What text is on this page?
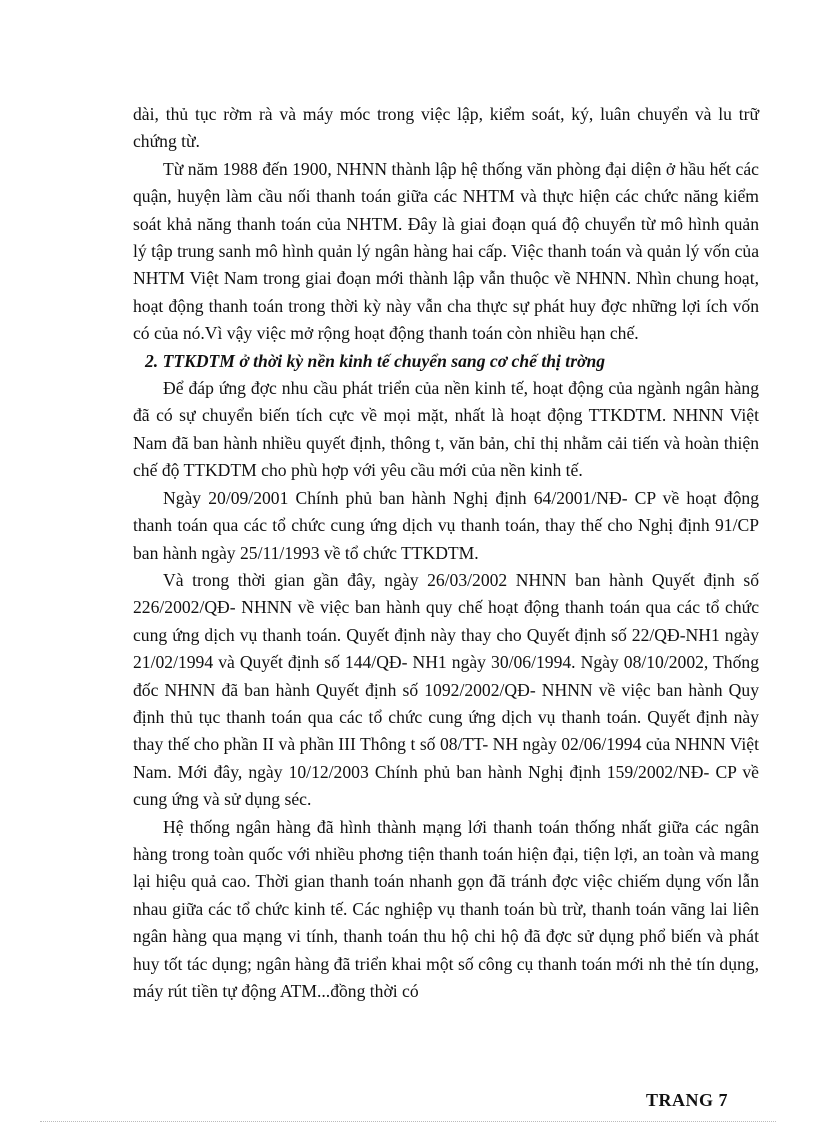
dài, thủ tục rờm rà và máy móc trong việc lập, kiểm soát, ký, luân chuyển và lu trữ chứng từ.

Từ năm 1988 đến 1900, NHNN thành lập hệ thống văn phòng đại diện ở hầu hết các quận, huyện làm cầu nối thanh toán giữa các NHTM và thực hiện các chức năng kiểm soát khả năng thanh toán của NHTM. Đây là giai đoạn quá độ chuyển từ mô hình quản lý tập trung sanh mô hình quản lý ngân hàng hai cấp. Việc thanh toán và quản lý vốn của NHTM Việt Nam trong giai đoạn mới thành lập vẫn thuộc về NHNN. Nhìn chung hoạt, hoạt động thanh toán trong thời kỳ này vẫn cha thực sự phát huy đợc những lợi ích vốn có của nó.Vì vậy việc mở rộng hoạt động thanh toán còn nhiều hạn chế.

2. TTKDTM ở thời kỳ nền kinh tế chuyển sang cơ chế thị trờng

Để đáp ứng đợc nhu cầu phát triển của nền kinh tế, hoạt động của ngành ngân hàng đã có sự chuyển biến tích cực về mọi mặt, nhất là hoạt động TTKDTM. NHNN Việt Nam đã ban hành nhiều quyết định, thông t, văn bản, chỉ thị nhằm cải tiến và hoàn thiện chế độ TTKDTM cho phù hợp với yêu cầu mới của nền kinh tế.

Ngày 20/09/2001 Chính phủ ban hành Nghị định 64/2001/NĐ- CP về hoạt động thanh toán qua các tổ chức cung ứng dịch vụ thanh toán, thay thế cho Nghị định 91/CP ban hành ngày 25/11/1993 về tổ chức TTKDTM.

Và trong thời gian gần đây, ngày 26/03/2002 NHNN ban hành Quyết định số 226/2002/QĐ- NHNN về việc ban hành quy chế hoạt động thanh toán qua các tổ chức cung ứng dịch vụ thanh toán. Quyết định này thay cho Quyết định số 22/QĐ-NH1 ngày 21/02/1994 và Quyết định số 144/QĐ- NH1 ngày 30/06/1994. Ngày 08/10/2002, Thống đốc NHNN đã ban hành Quyết định số 1092/2002/QĐ- NHNN về việc ban hành Quy định thủ tục thanh toán qua các tổ chức cung ứng dịch vụ thanh toán. Quyết định này thay thế cho phần II và phần III Thông t số 08/TT- NH ngày 02/06/1994 của NHNN Việt Nam. Mới đây, ngày 10/12/2003 Chính phủ ban hành Nghị định 159/2002/NĐ- CP về cung ứng và sử dụng séc.

Hệ thống ngân hàng đã hình thành mạng lới thanh toán thống nhất giữa các ngân hàng trong toàn quốc với nhiều phơng tiện thanh toán hiện đại, tiện lợi, an toàn và mang lại hiệu quả cao. Thời gian thanh toán nhanh gọn đã tránh đợc việc chiếm dụng vốn lẫn nhau giữa các tổ chức kinh tế. Các nghiệp vụ thanh toán bù trừ, thanh toán vãng lai liên ngân hàng qua mạng vi tính, thanh toán thu hộ chi hộ đã đợc sử dụng phổ biến và phát huy tốt tác dụng; ngân hàng đã triển khai một số công cụ thanh toán mới nh thẻ tín dụng, máy rút tiền tự động ATM...đồng thời có

TRANG 7
